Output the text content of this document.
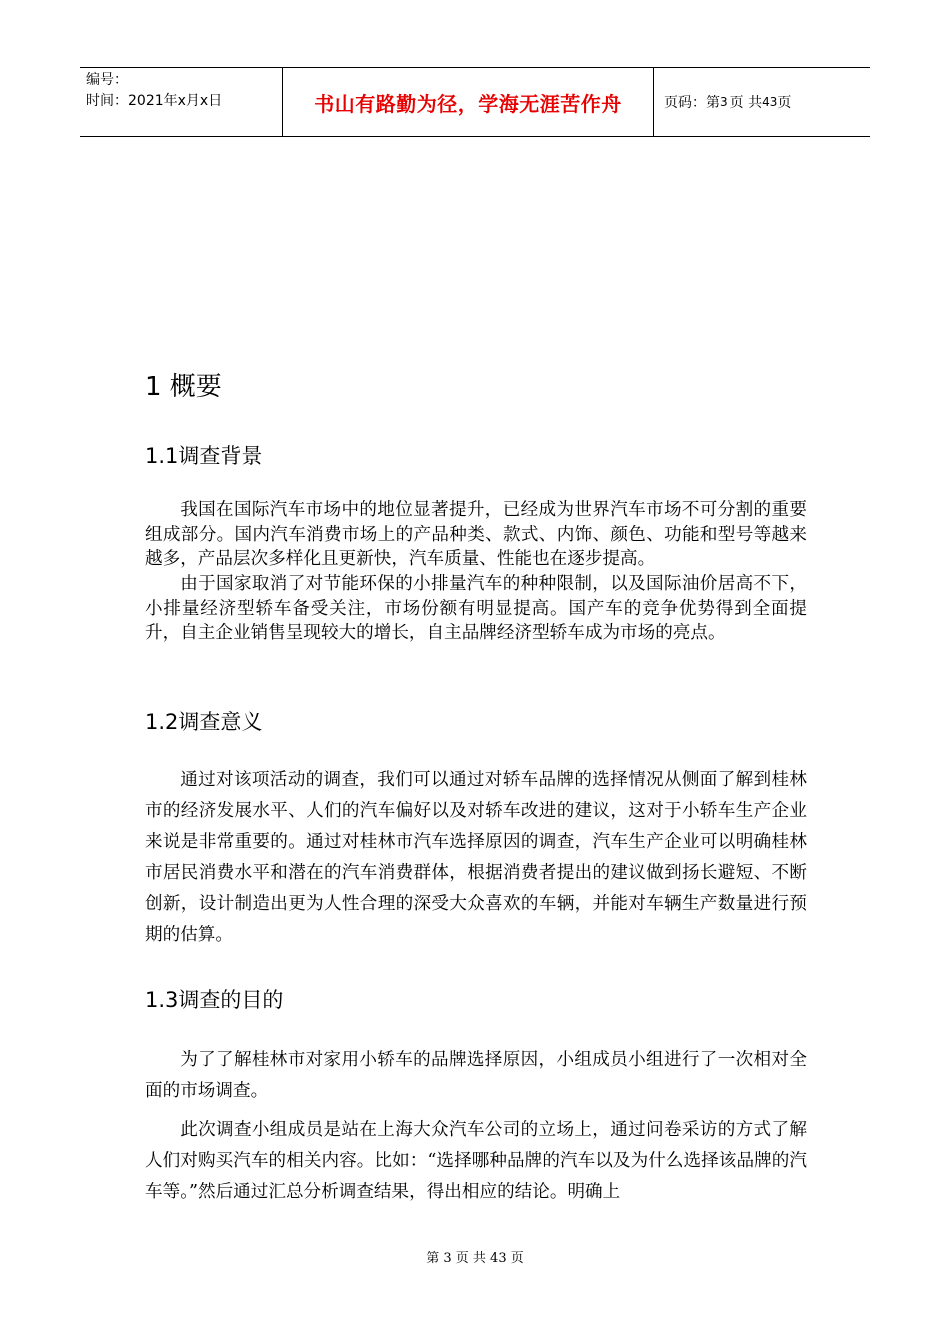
编号：
时间：2021年x月x日	书山有路勤为径，学海无涯苦作舟	页码：第 3 页 共 43 页
1 概要
1.1调查背景

我国在国际汽车市场中的地位显著提升，已经成为世界汽车市场不可分割的重要组成部分。国内汽车消费市场上的产品种类、款式、内饰、颜色、功能和型号等越来越多，产品层次多样化且更新快，汽车质量、性能也在逐步提高。

由于国家取消了对节能环保的小排量汽车的种种限制，以及国际油价居高不下，小排量经济型轿车备受关注，市场份额有明显提高。国产车的竞争优势得到全面提升，自主企业销售呈现较大的增长，自主品牌经济型轿车成为市场的亮点。

1.2调查意义

通过对该项活动的调查，我们可以通过对轿车品牌的选择情况从侧面了解到桂林市的经济发展水平、人们的汽车偏好以及对轿车改进的建议，这对于小轿车生产企业来说是非常重要的。通过对桂林市汽车选择原因的调查，汽车生产企业可以明确桂林市居民消费水平和潜在的汽车消费群体，根据消费者提出的建议做到扬长避短、不断创新，设计制造出更为人性合理的深受大众喜欢的车辆，并能对车辆生产数量进行预期的估算。

1.3调查的目的

为了了解桂林市对家用小轿车的品牌选择原因，小组成员小组进行了一次相对全面的市场调查。

此次调查小组成员是站在上海大众汽车公司的立场上，通过问卷采访的方式了解人们对购买汽车的相关内容。比如：“选择哪种品牌的汽车以及为什么选择该品牌的汽车等。”然后通过汇总分析调查结果，得出相应的结论。明确上

第 3 页 共 43 页
